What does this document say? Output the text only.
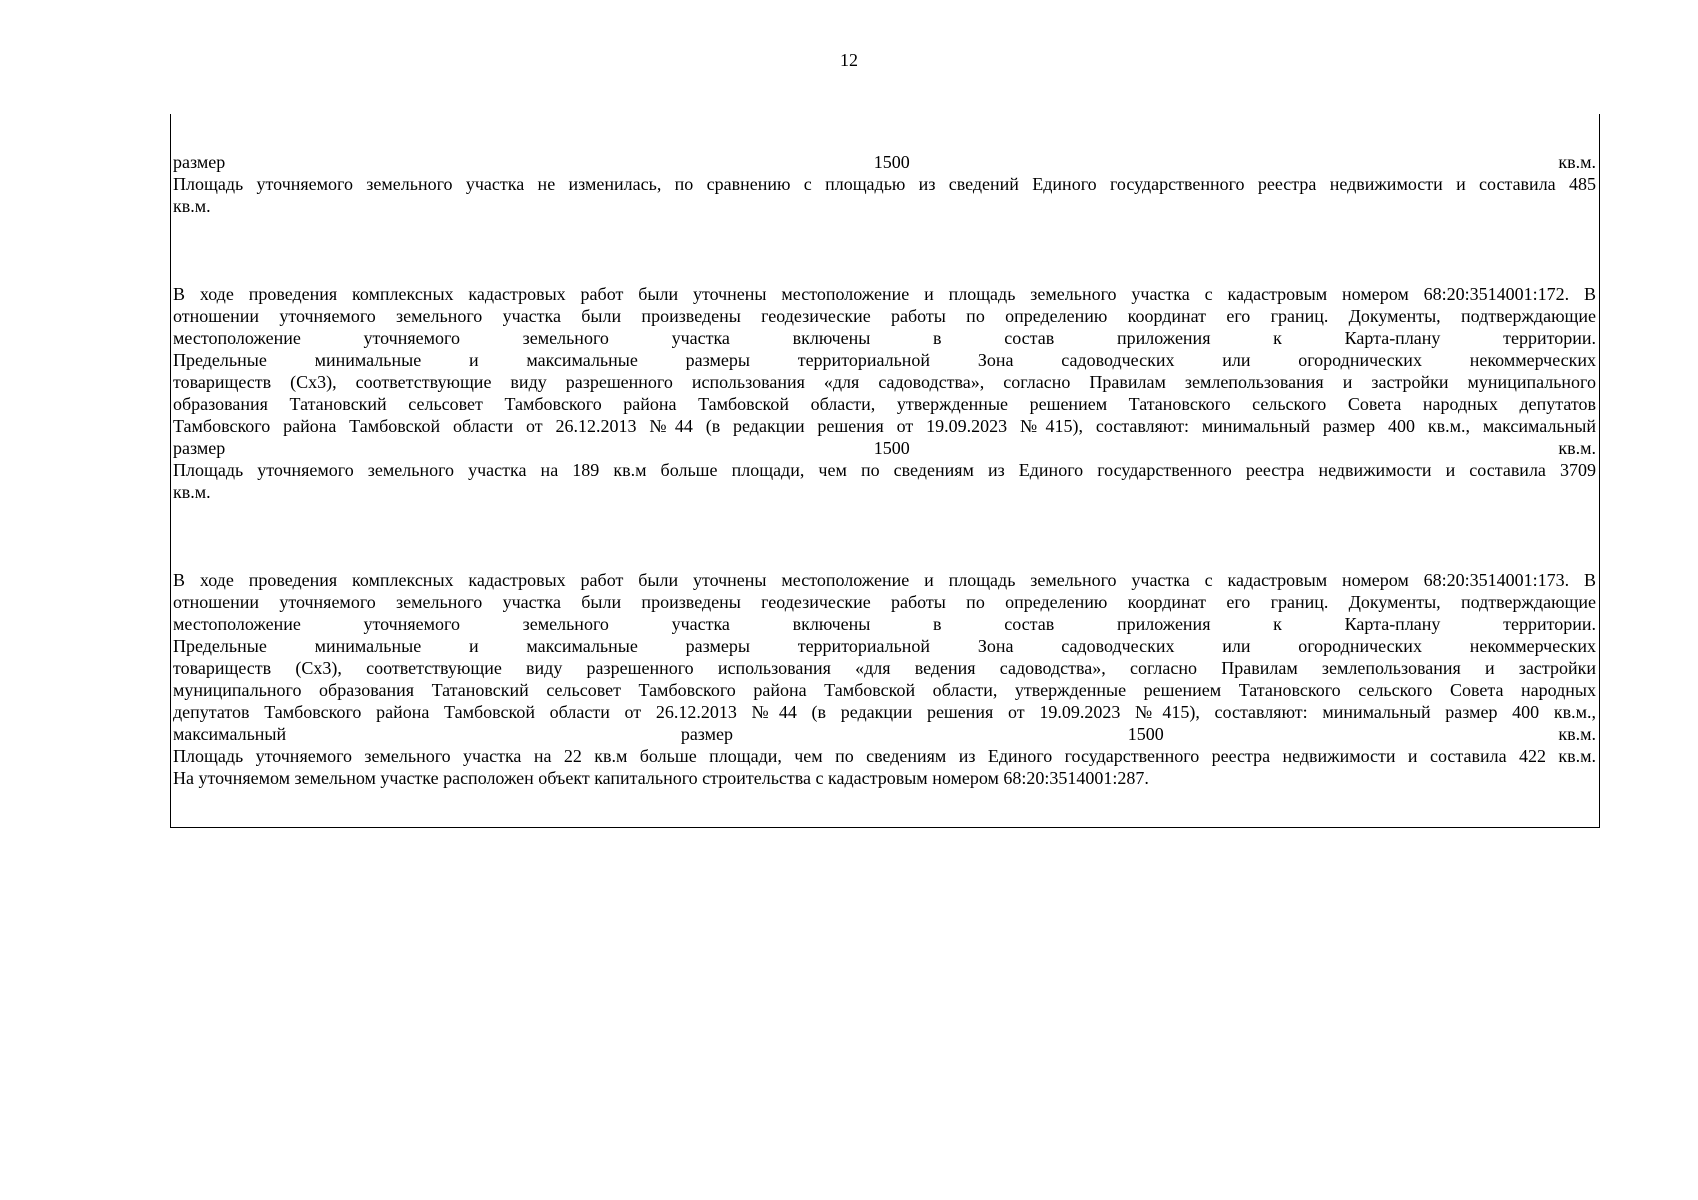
12
размер	1500	кв.м.
Площадь уточняемого земельного участка не изменилась, по сравнению с площадью из сведений Единого государственного реестра недвижимости и составила 485
кв.м.
В ходе проведения комплексных кадастровых работ были уточнены местоположение и площадь земельного участка с кадастровым номером 68:20:3514001:172. В
отношении уточняемого земельного участка были произведены геодезические работы по определению координат его границ. Документы, подтверждающие
местоположение уточняемого земельного участка включены в состав приложения к Карта-плану территории.
Предельные минимальные и максимальные размеры территориальной Зона садоводческих или огороднических некоммерческих
товариществ (Сх3), соответствующие виду разрешенного использования «для садоводства», согласно Правилам землепользования и застройки муниципального
образования Татановский сельсовет Тамбовского района Тамбовской области, утвержденные решением Татановского сельского Совета народных депутатов
Тамбовского района Тамбовской области от 26.12.2013 №44 (в редакции решения от 19.09.2023 №415), составляют: минимальный размер 400 кв.м., максимальный
размер	1500	кв.м.
Площадь уточняемого земельного участка на 189 кв.м больше площади, чем по сведениям из Единого государственного реестра недвижимости и составила 3709
кв.м.
В ходе проведения комплексных кадастровых работ были уточнены местоположение и площадь земельного участка с кадастровым номером 68:20:3514001:173. В
отношении уточняемого земельного участка были произведены геодезические работы по определению координат его границ. Документы, подтверждающие
местоположение уточняемого земельного участка включены в состав приложения к Карта-плану территории.
Предельные минимальные и максимальные размеры территориальной Зона садоводческих или огороднических некоммерческих
товариществ (Сх3), соответствующие виду разрешенного использования «для ведения садоводства», согласно Правилам землепользования и застройки
муниципального образования Татановский сельсовет Тамбовского района Тамбовской области, утвержденные решением Татановского сельского Совета народных
депутатов Тамбовского района Тамбовской области от 26.12.2013 №44 (в редакции решения от 19.09.2023 №415), составляют: минимальный размер 400 кв.м.,
максимальный	размер	1500	кв.м.
Площадь уточняемого земельного участка на 22 кв.м больше площади, чем по сведениям из Единого государственного реестра недвижимости и составила 422 кв.м.
На уточняемом земельном участке расположен объект капитального строительства с кадастровым номером 68:20:3514001:287.
